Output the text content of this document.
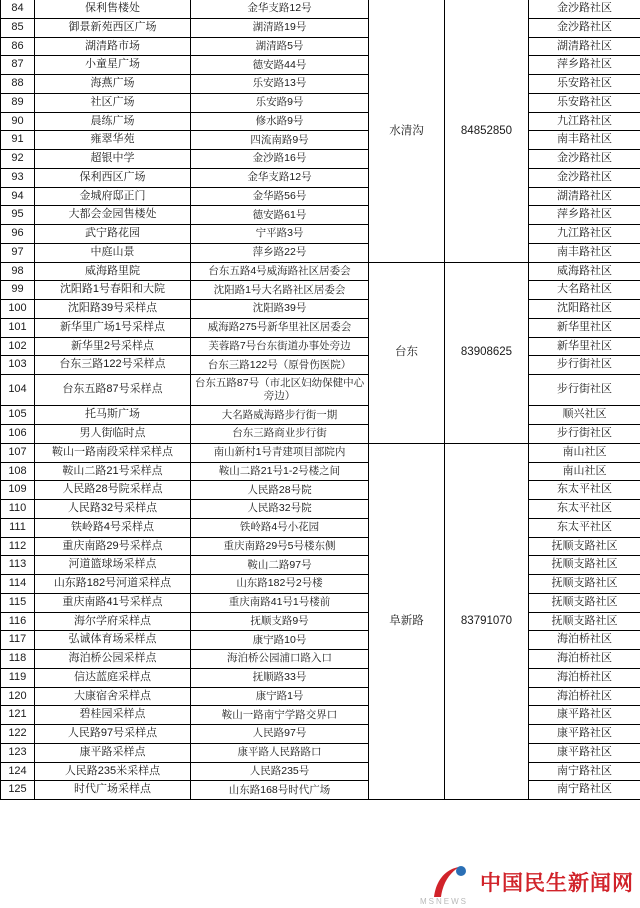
84	保利售楼处	金华支路12号	水清沟	84852850	金沙路社区
85	御景新苑西区广场	湖清路19号			金沙路社区
86	湖清路市场	湖清路5号			湖清路社区
87	小童星广场	德安路44号			萍乡路社区
88	海燕广场	乐安路13号			乐安路社区
89	社区广场	乐安路9号			乐安路社区
90	晨练广场	修水路9号			九江路社区
91	雍翠华苑	四流南路9号			南丰路社区
92	超银中学	金沙路16号			金沙路社区
93	保利西区广场	金华支路12号			金沙路社区
94	金城府邸正门	金华路56号			湖清路社区
95	大都会金园售楼处	德安路61号			萍乡路社区
96	武宁路花园	宁平路3号			九江路社区
97	中庭山景	萍乡路22号			南丰路社区
98	威海路里院	台东五路4号威海路社区居委会	台东	83908625	威海路社区
99	沈阳路1号春阳和大院	沈阳路1号大名路社区居委会			大名路社区
100	沈阳路39号采样点	沈阳路39号			沈阳路社区
101	新华里广场1号采样点	威海路275号新华里社区居委会			新华里社区
102	新华里2号采样点	芙蓉路7号台东街道办事处旁边			新华里社区
103	台东三路122号采样点	台东三路122号（原骨伤医院）			步行街社区
104	台东五路87号采样点	台东五路87号（市北区妇幼保健中心旁边）			步行街社区
105	托马斯广场	大名路威海路步行街一期			顺兴社区
106	男人街临时点	台东三路商业步行街			步行街社区
107	鞍山一路南段采样采样点	南山新村1号青建项目部院内	阜新路	83791070	南山社区
108	鞍山二路21号采样点	鞍山二路21号1-2号楼之间			南山社区
109	人民路28号院采样点	人民路28号院			东太平社区
110	人民路32号采样点	人民路32号院			东太平社区
111	铁岭路4号采样点	铁岭路4号小花园			东太平社区
112	重庆南路29号采样点	重庆南路29号5号楼东侧			抚顺支路社区
113	河道篮球场采样点	鞍山二路97号			抚顺支路社区
114	山东路182号河道采样点	山东路182号2号楼			抚顺支路社区
115	重庆南路41号采样点	重庆南路41号1号楼前			抚顺支路社区
116	海尔学府采样点	抚顺支路9号			抚顺支路社区
117	弘诚体育场采样点	康宁路10号			海泊桥社区
118	海泊桥公园采样点	海泊桥公园浦口路入口			海泊桥社区
119	信达蓝庭采样点	抚顺路33号			海泊桥社区
120	大康宿舍采样点	康宁路1号			海泊桥社区
121	碧桂园采样点	鞍山一路南宁学路交界口			康平路社区
122	人民路97号采样点	人民路97号			康平路社区
123	康平路采样点	康平路人民路路口			康平路社区
124	人民路235米采样点	人民路235号			南宁路社区
125	时代广场采样点	山东路168号时代广场			南宁路社区
MSNEWS
中国民生新闻网
